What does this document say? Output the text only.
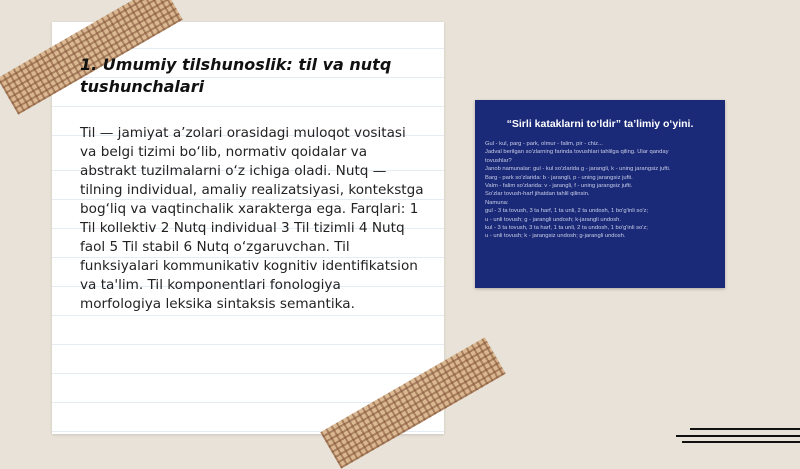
1. Umumiy tilshunoslik: til va nutq tushunchalari

Til — jamiyat a’zolari orasidagi muloqot vositasi va belgi tizimi bo‘lib, normativ qoidalar va abstrakt tuzilmalarni o‘z ichiga oladi. Nutq — tilning individual, amaliy realizatsiyasi, kontekstga bog‘liq va vaqtinchalik xarakterga ega. Farqlari: 1 Til kollektiv 2 Nutq individual 3 Til tizimli 4 Nutq faol 5 Til stabil 6 Nutq o‘zgaruvchan. Til funksiyalari kommunikativ kognitiv identifikatsion va ta'lim. Til komponentlari fonologiya morfologiya leksika sintaksis semantika.

“Sirli kataklarni to‘ldir” ta’limiy o‘yini.
Gul - kul, parg - park, olmur - falim, pir - chiz...
Jadval berilgan so'zlarning farinda tovushlari tahlilga qiling. Ular qanday
tovushlar?
Janob namunalar: gul - kul so'zlarida g - jarangli, k - uning jarangsiz jufti.
Barg - park so'zlarida: b - jarangli, p - uning jarangsiz jufti.
Valm - falim so'zlarida: v - jarangli, f - uning jarangsiz jufti.
So'zlar tovush-harf jihatdan tahlil qilinsin.
Namuna:
gul - 3 ta tovush, 3 ta harf, 1 ta unli, 2 ta undosh, 1 bo'g'inli so'z;
u - unli tovush; g - jarangli undosh; k-jarangli undosh.
kul - 3 ta tovush, 3 ta harf, 1 ta unli, 2 ta undosh, 1 bo'g'inli so'z;
u - unli tovush; k - jarangsiz undosh; g-jarangli undosh.
